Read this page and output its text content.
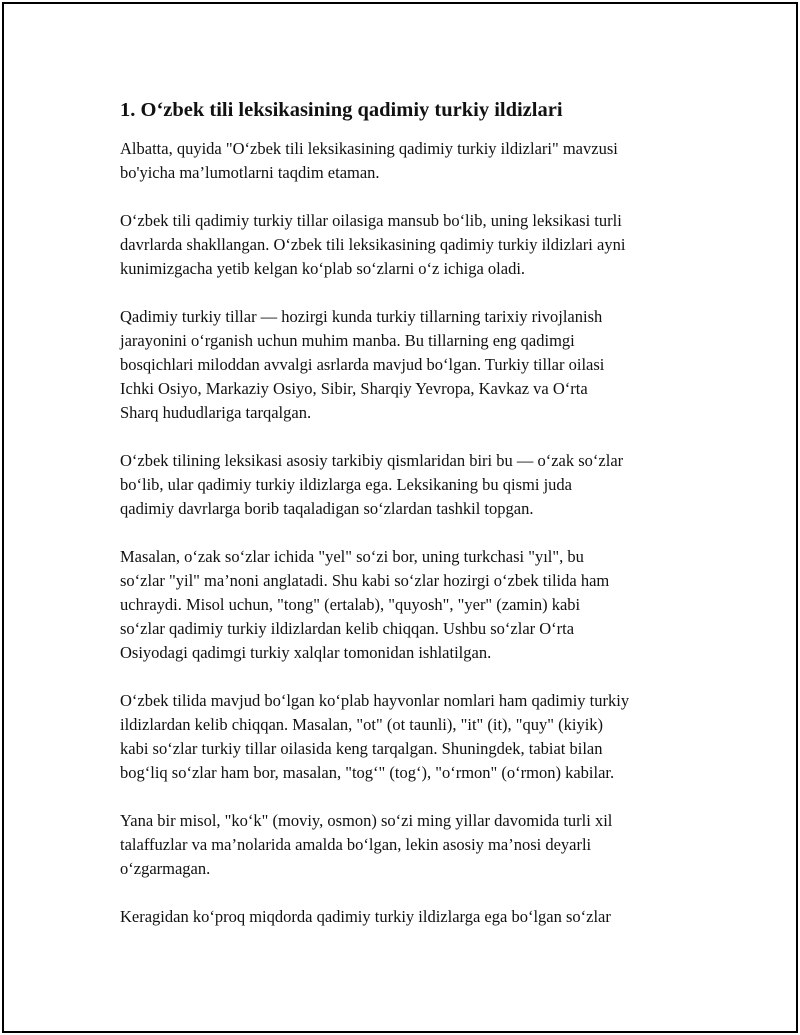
1. O‘zbek tili leksikasining qadimiy turkiy ildizlari

Albatta, quyida "O‘zbek tili leksikasining qadimiy turkiy ildizlari" mavzusi
bo'yicha ma’lumotlarni taqdim etaman.

O‘zbek tili qadimiy turkiy tillar oilasiga mansub bo‘lib, uning leksikasi turli
davrlarda shakllangan. O‘zbek tili leksikasining qadimiy turkiy ildizlari ayni
kunimizgacha yetib kelgan ko‘plab so‘zlarni o‘z ichiga oladi.

Qadimiy turkiy tillar — hozirgi kunda turkiy tillarning tarixiy rivojlanish
jarayonini o‘rganish uchun muhim manba. Bu tillarning eng qadimgi
bosqichlari miloddan avvalgi asrlarda mavjud bo‘lgan. Turkiy tillar oilasi
Ichki Osiyo, Markaziy Osiyo, Sibir, Sharqiy Yevropa, Kavkaz va O‘rta
Sharq hududlariga tarqalgan.

O‘zbek tilining leksikasi asosiy tarkibiy qismlaridan biri bu — o‘zak so‘zlar
bo‘lib, ular qadimiy turkiy ildizlarga ega. Leksikaning bu qismi juda
qadimiy davrlarga borib taqaladigan so‘zlardan tashkil topgan.

Masalan, o‘zak so‘zlar ichida "yel" so‘zi bor, uning turkchasi "yıl", bu
so‘zlar "yil" ma’noni anglatadi. Shu kabi so‘zlar hozirgi o‘zbek tilida ham
uchraydi. Misol uchun, "tong" (ertalab), "quyosh", "yer" (zamin) kabi
so‘zlar qadimiy turkiy ildizlardan kelib chiqqan. Ushbu so‘zlar O‘rta
Osiyodagi qadimgi turkiy xalqlar tomonidan ishlatilgan.

O‘zbek tilida mavjud bo‘lgan ko‘plab hayvonlar nomlari ham qadimiy turkiy
ildizlardan kelib chiqqan. Masalan, "ot" (ot taunli), "it" (it), "quy" (kiyik)
kabi so‘zlar turkiy tillar oilasida keng tarqalgan. Shuningdek, tabiat bilan
bog‘liq so‘zlar ham bor, masalan, "tog‘" (tog‘), "o‘rmon" (o‘rmon) kabilar.

Yana bir misol, "ko‘k" (moviy, osmon) so‘zi ming yillar davomida turli xil
talaffuzlar va ma’nolarida amalda bo‘lgan, lekin asosiy ma’nosi deyarli
o‘zgarmagan.

Keragidan ko‘proq miqdorda qadimiy turkiy ildizlarga ega bo‘lgan so‘zlar
